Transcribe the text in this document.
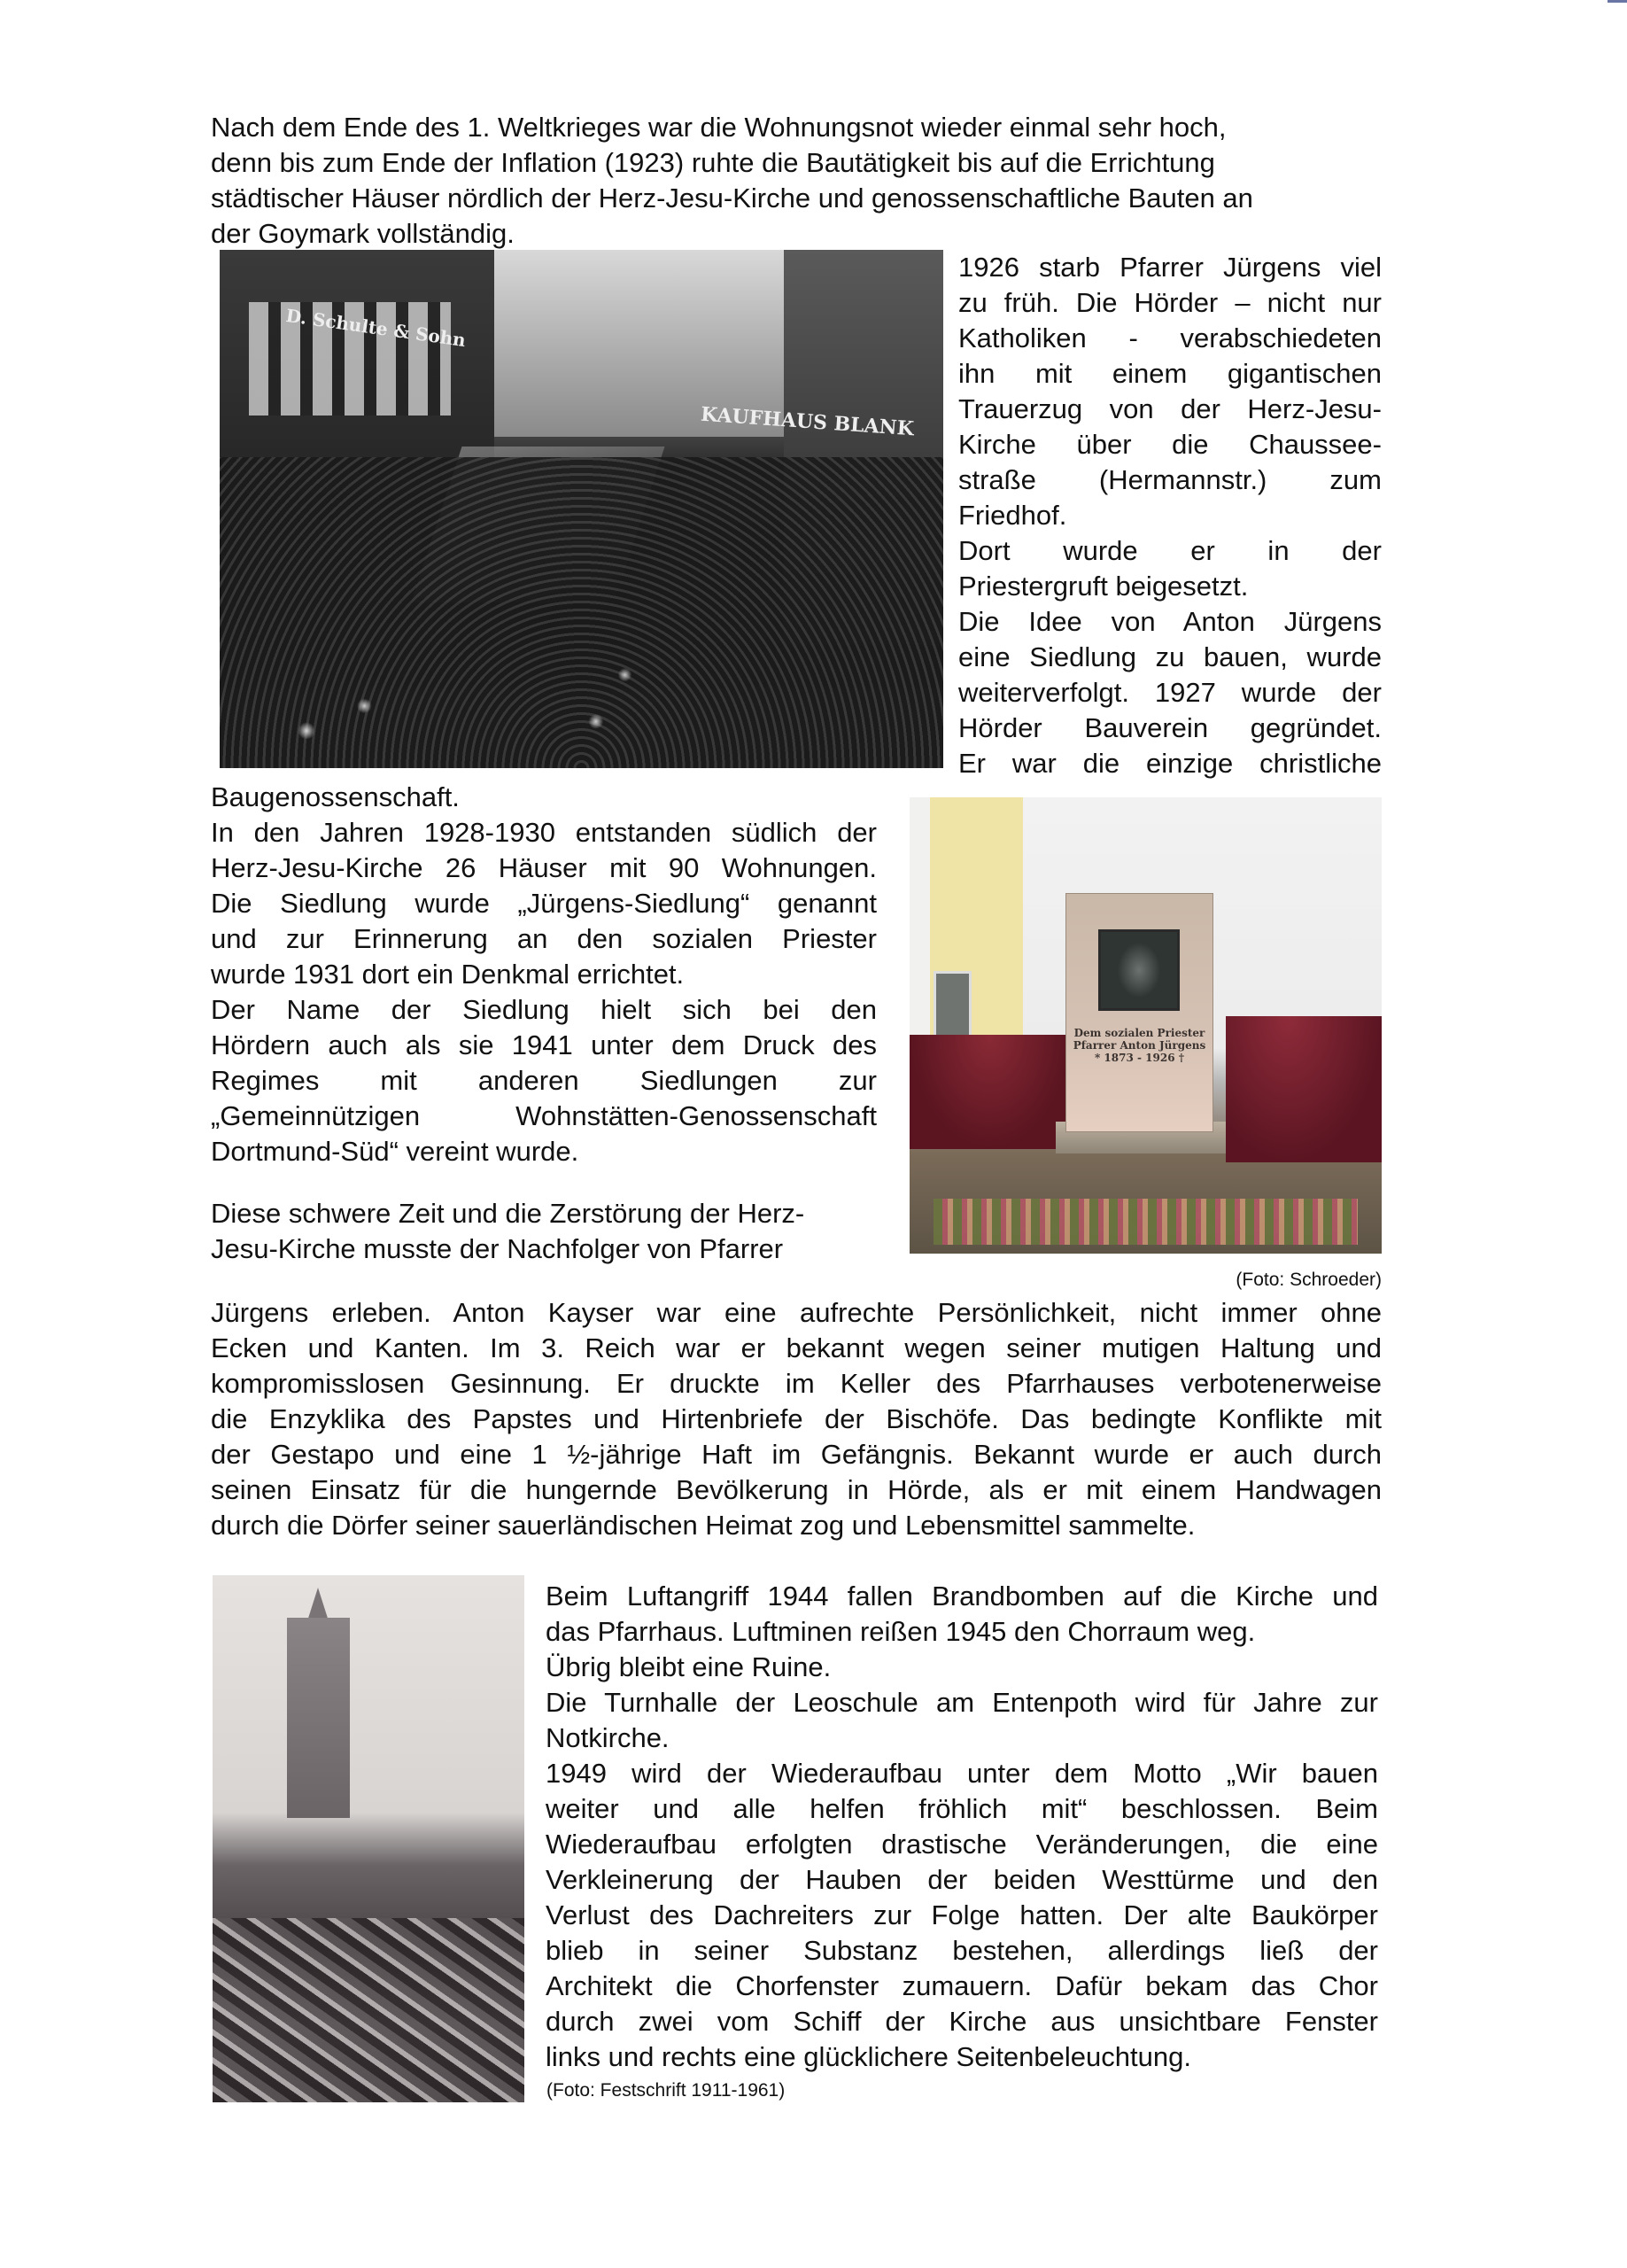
Nach dem Ende des 1. Weltkrieges war die Wohnungsnot wieder einmal sehr hoch,
denn bis zum Ende der Inflation (1923) ruhte die Bautätigkeit bis auf die Errichtung
städtischer Häuser nördlich der Herz-Jesu-Kirche und genossenschaftliche Bauten an
der Goymark vollständig.
D. Schulte & Sohn
KAUFHAUS BLANK
1926 starb Pfarrer Jürgens viel
zu früh. Die Hörder – nicht nur
Katholiken - verabschiedeten
ihn mit einem gigantischen
Trauerzug von der Herz-Jesu-
Kirche über die Chaussee-
straße (Hermannstr.) zum
Friedhof.
Dort wurde er in der
Priestergruft beigesetzt.
Die Idee von Anton Jürgens
eine Siedlung zu bauen, wurde
weiterverfolgt. 1927 wurde der
Hörder Bauverein gegründet.
Er war die einzige christliche
Baugenossenschaft.
In den Jahren 1928-1930 entstanden südlich der
Herz-Jesu-Kirche 26 Häuser mit 90 Wohnungen.
Die Siedlung wurde „Jürgens-Siedlung“ genannt
und zur Erinnerung an den sozialen Priester
wurde 1931 dort ein Denkmal errichtet.
Der Name der Siedlung hielt sich bei den
Hördern auch als sie 1941 unter dem Druck des
Regimes mit anderen Siedlungen zur
„Gemeinnützigen Wohnstätten-Genossenschaft
Dortmund-Süd“ vereint wurde.
Diese schwere Zeit und die Zerstörung der Herz-
Jesu-Kirche musste der Nachfolger von Pfarrer
Dem sozialen Priester
Pfarrer Anton Jürgens
* 1873 - 1926 †
(Foto: Schroeder)
Jürgens erleben. Anton Kayser war eine aufrechte Persönlichkeit, nicht immer ohne
Ecken und Kanten. Im 3. Reich war er bekannt wegen seiner mutigen Haltung und
kompromisslosen Gesinnung. Er druckte im Keller des Pfarrhauses verbotenerweise
die Enzyklika des Papstes und Hirtenbriefe der Bischöfe. Das bedingte Konflikte mit
der Gestapo und eine 1 ½-jährige Haft im Gefängnis. Bekannt wurde er auch durch
seinen Einsatz für die hungernde Bevölkerung in Hörde, als er mit einem Handwagen
durch die Dörfer seiner sauerländischen Heimat zog und Lebensmittel sammelte.
Beim Luftangriff 1944 fallen Brandbomben auf die Kirche und
das Pfarrhaus. Luftminen reißen 1945 den Chorraum weg.
Übrig bleibt eine Ruine.
Die Turnhalle der Leoschule am Entenpoth wird für Jahre zur
Notkirche.
1949 wird der Wiederaufbau unter dem Motto „Wir bauen
weiter und alle helfen fröhlich mit“ beschlossen. Beim
Wiederaufbau erfolgten drastische Veränderungen, die eine
Verkleinerung der Hauben der beiden Westtürme und den
Verlust des Dachreiters zur Folge hatten. Der alte Baukörper
blieb in seiner Substanz bestehen, allerdings ließ der
Architekt die Chorfenster zumauern. Dafür bekam das Chor
durch zwei vom Schiff der Kirche aus unsichtbare Fenster
links und rechts eine glücklichere Seitenbeleuchtung.
(Foto: Festschrift 1911-1961)
